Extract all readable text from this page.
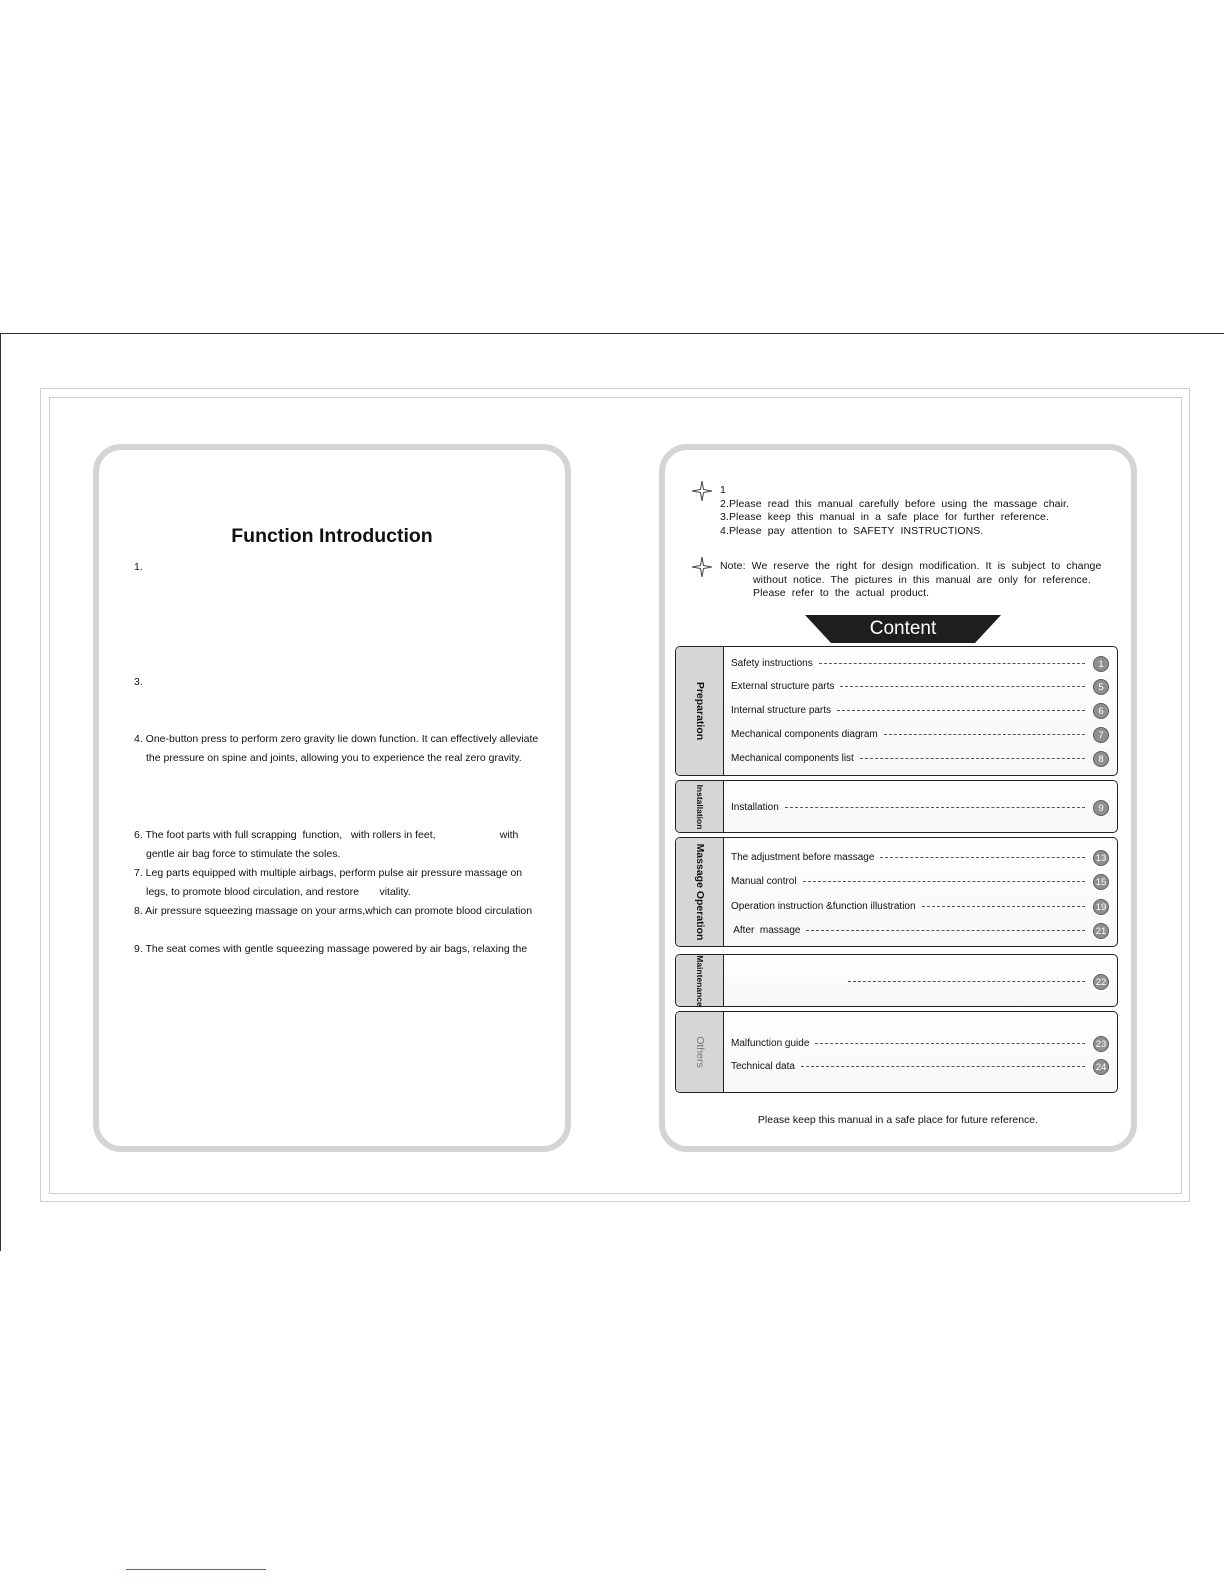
Function Introduction
1.
3.
4. One-button press to perform zero gravity lie down function. It can effectively alleviate
the pressure on spine and joints, allowing you to experience the real zero gravity.
6. The foot parts with full scrapping  function,   with rollers in feet,                      with
gentle air bag force to stimulate the soles.
7. Leg parts equipped with multiple airbags, perform pulse air pressure massage on
legs, to promote blood circulation, and restore       vitality.
8. Air pressure squeezing massage on your arms,which can promote blood circulation
9. The seat comes with gentle squeezing massage powered by air bags, relaxing the
1
2.Please  read  this  manual  carefully  before  using  the  massage  chair.
3.Please  keep  this  manual  in  a  safe  place  for  further  reference.
4.Please  pay  attention  to  SAFETY  INSTRUCTIONS.
Note:  We  reserve  the  right  for  design  modification.  It  is  subject  to  change
without  notice.  The  pictures  in  this  manual  are  only  for  reference.
Please  refer  to  the  actual  product.
Content
Preparation
Safety instructions	1
External structure parts	5
Internal structure parts	6
Mechanical components diagram	7
Mechanical components list	8
Installation	Installation	9
Massage Operation	The adjustment before massage	13
Manual control	15
Operation instruction &function illustration	19
After  massage	21
Maintenance	22
Others	Malfunction guide	23
Technical data	24
Please keep this manual in a safe place for future reference.
